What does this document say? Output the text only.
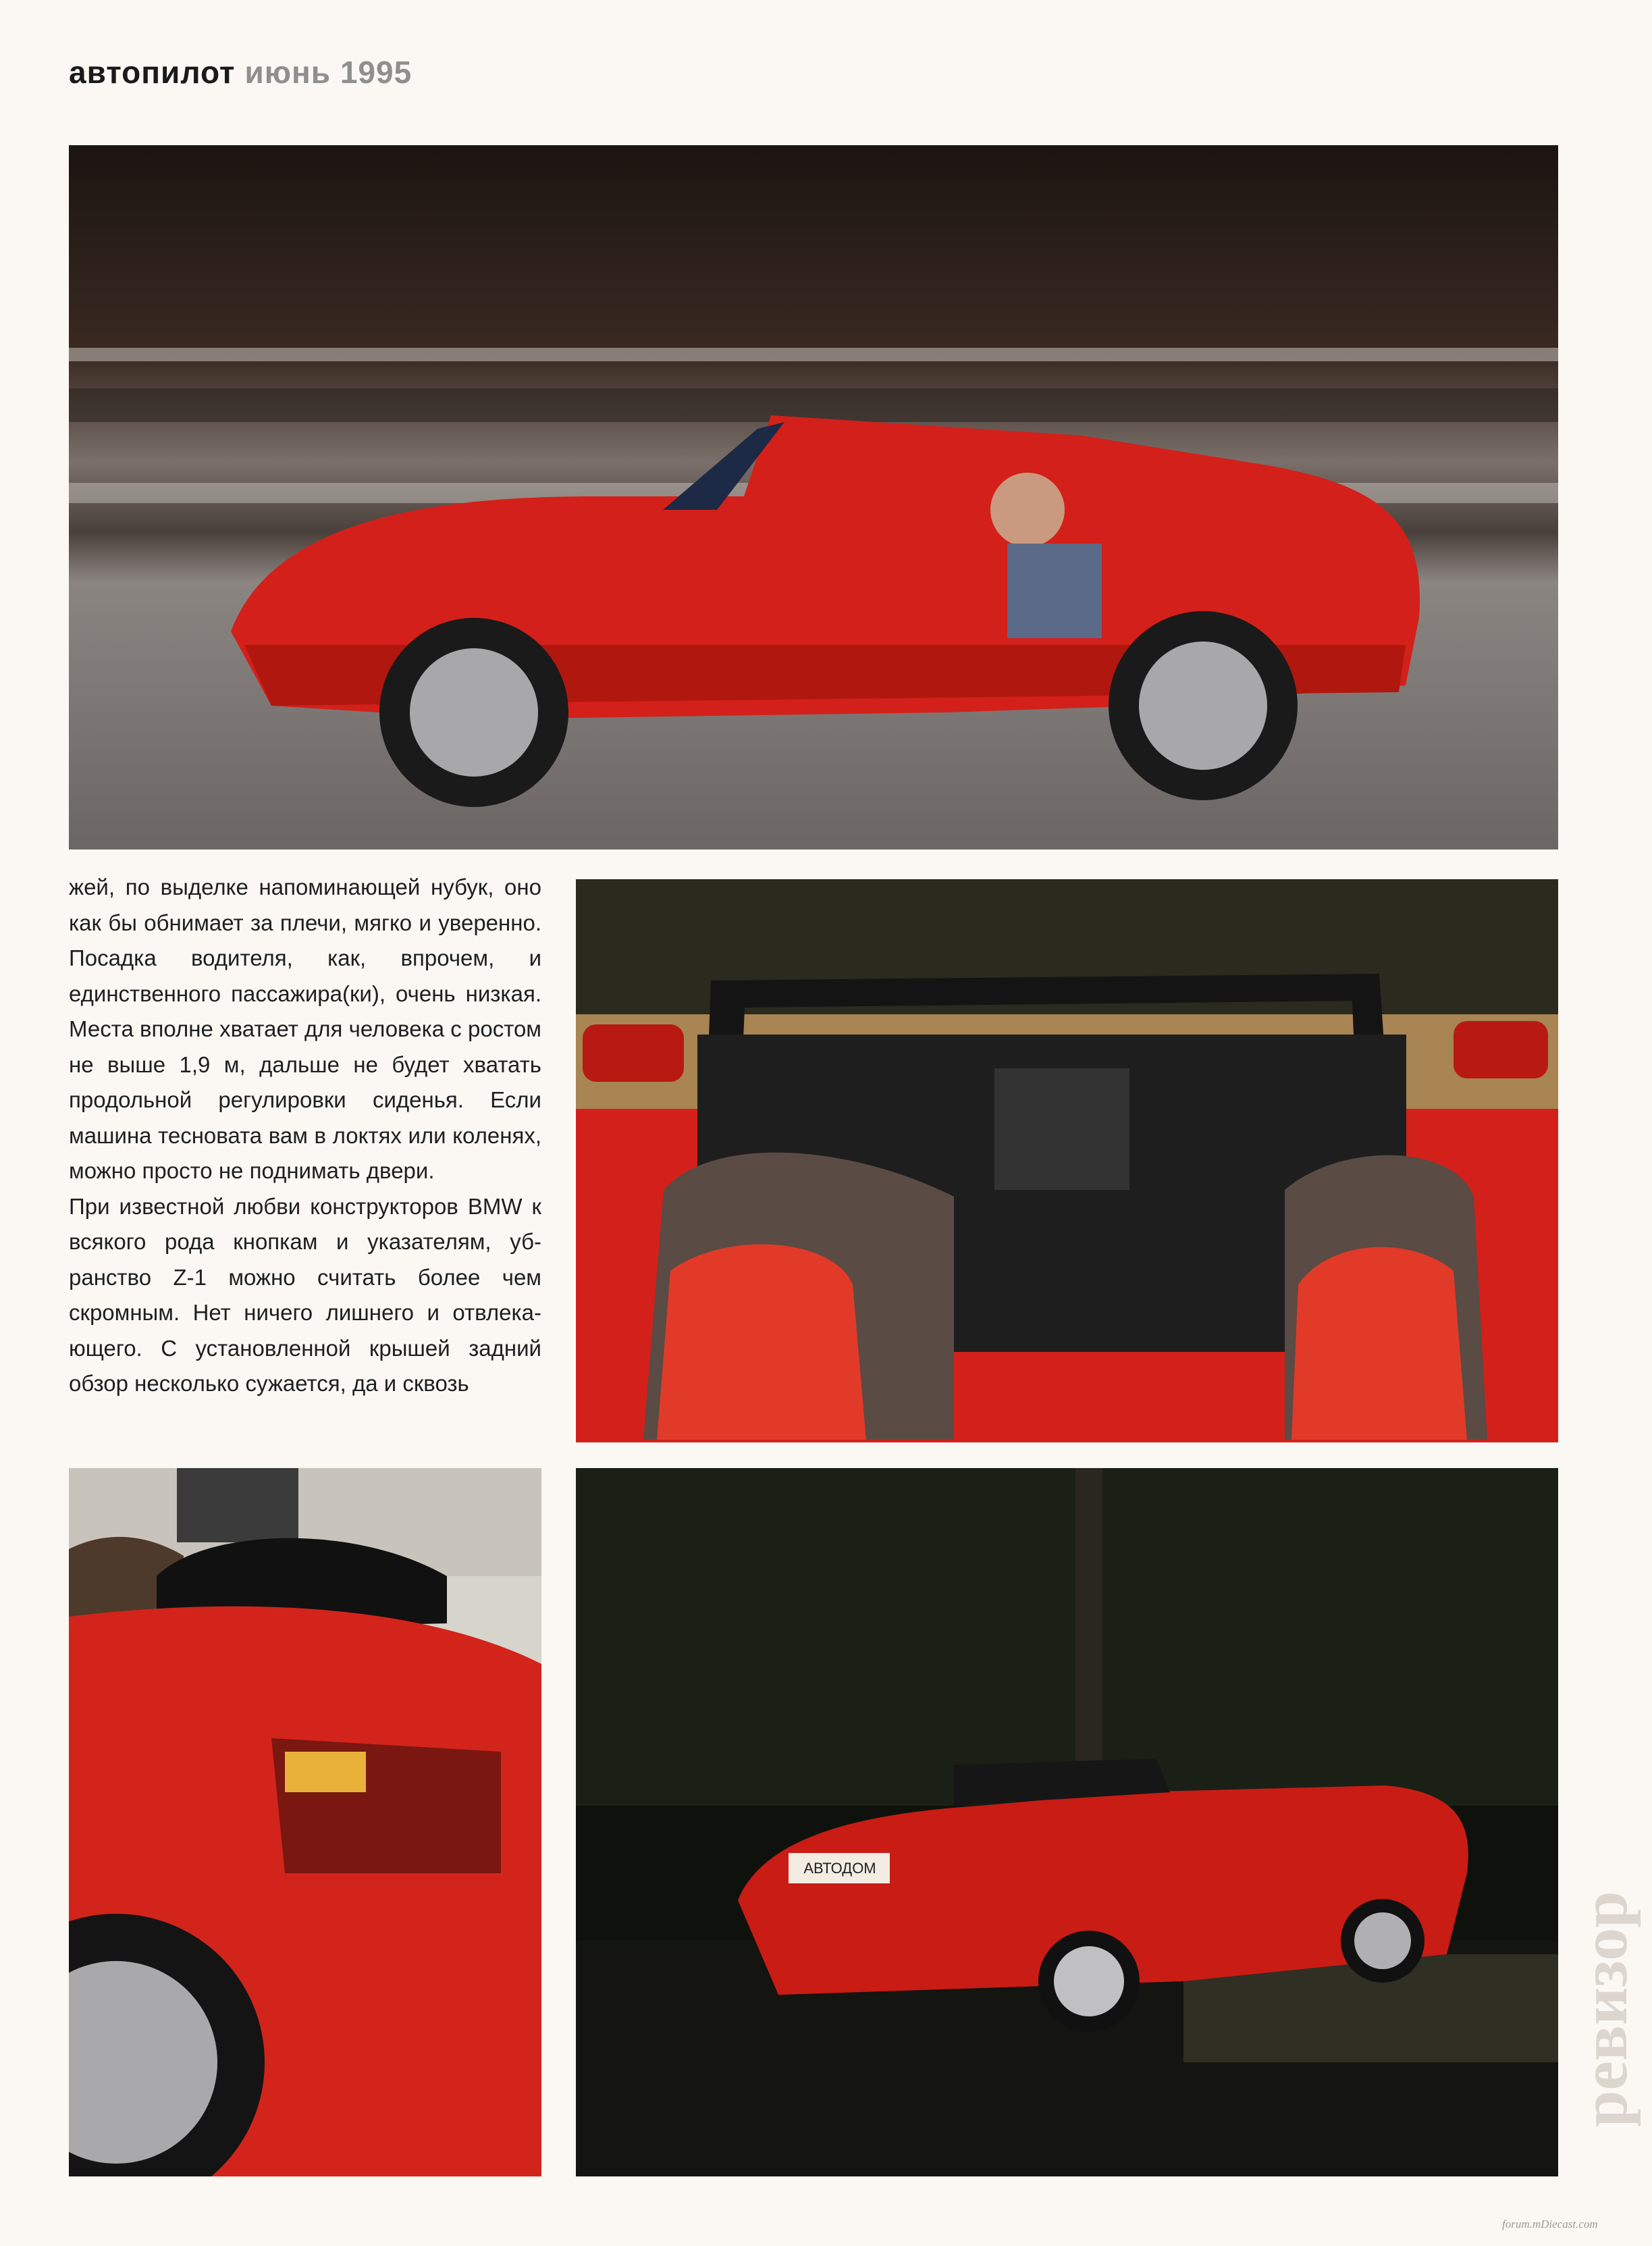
автопилот июнь 1995

жей, по выделке напоминающей нубук, оно как бы обнимает за плечи, мягко и уверенно. Посадка водителя, как, впрочем, и единственного пассажира(ки), очень низкая. Места вполне хватает для человека с ростом не выше 1,9 м, дальше не будет хватать продольной регулировки сиденья. Если машина тесновата вам в локтях или коленях, можно просто не поднимать двери.

При известной любви конструкторов BMW к всякого рода кнопкам и указателям, убранство Z-1 можно считать более чем скромным. Нет ничего лишнего и отвлекающего. С установленной крышей задний обзор несколько сужается, да и сквозь

АВТОДОМ
ревизор
forum.mDiecast.com
